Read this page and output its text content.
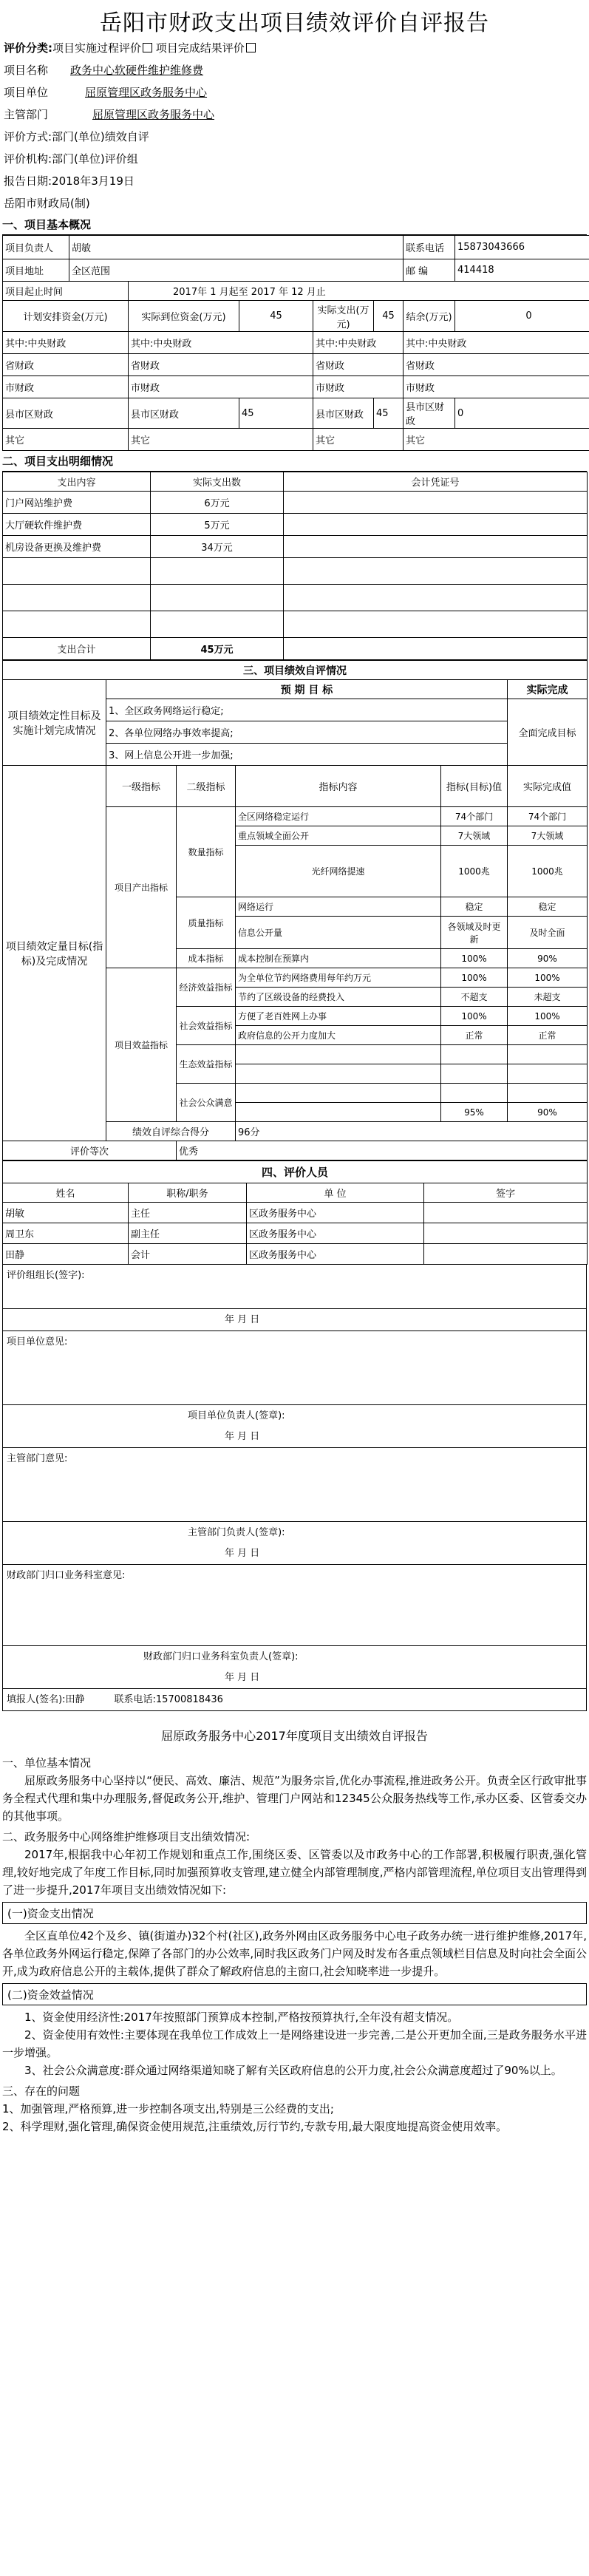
岳阳市财政支出项目绩效评价自评报告
评价分类:项目实施过程评价 项目完成结果评价
项目名称 政务中心软硬件维护维修费
项目单位	屈原管理区政务服务中心
主管部门	屈原管理区政务服务中心
评价方式:部门(单位)绩效自评
评价机构:部门(单位)评价组
报告日期:2018年3月19日
岳阳市财政局(制)
一、项目基本概况
项目负责人	胡敏					联系电话	15873043666
项目地址	全区范围					邮 编	414418
项目起止时间		2017年 1 月起至 2017 年 12 月止					
计划安排资金(万元)		实际到位资金(万元)	45	实际支出(万元)	45	结余(万元)	0
其中:中央财政		其中:中央财政		其中:中央财政		其中:中央财政	
省财政		省财政		省财政		省财政	
市财政		市财政		市财政		市财政	
县市区财政		县市区财政	45	县市区财政	45	县市区财政	0
其它		其它		其它		其它	
二、项目支出明细情况
支出内容	实际支出数	会计凭证号
门户网站维护费	6万元	
大厅硬软件维护费	5万元	
机房设备更换及维护费	34万元	

支出合计	45万元	
三、项目绩效自评情况					
项目绩效定性目标及实施计划完成情况	预 期 目 标				实际完成
	1、全区政务网络运行稳定;				全面完成目标
	2、各单位网络办事效率提高;				
	3、网上信息公开进一步加强;				
项目绩效定量目标(指标)及完成情况	一级指标	二级指标	指标内容	指标(目标)值	实际完成值
	项目产出指标	数量指标	全区网络稳定运行	74个部门	74个部门
			重点领域全面公开	7大领域	7大领域
			光纤网络提速	1000兆	1000兆
		质量指标	网络运行	稳定	稳定
			信息公开量	各领域及时更新	及时全面
		成本指标	成本控制在预算内	100%	90%
	项目效益指标	经济效益指标	为全单位节约网络费用每年约万元	100%	100%
			节约了区级设备的经费投入	不超支	未超支
		社会效益指标	方便了老百姓网上办事	100%	100%
			政府信息的公开力度加大	正常	正常
		生态效益指标			

		社会公众满意			
				95%	90%
	绩效自评综合得分		96分		
评价等次		优秀			
四、评价人员			
姓名	职称/职务	单 位	签字
胡敏	主任	区政务服务中心	
周卫东	副主任	区政务服务中心	
田静	会计	区政务服务中心	
评价组组长(签字):
年 月 日
项目单位意见:
项目单位负责人(签章):
年 月 日
主管部门意见:
主管部门负责人(签章):
年 月 日
财政部门归口业务科室意见:
财政部门归口业务科室负责人(签章):
年 月 日
填报人(签名):田静	联系电话:15700818436
屈原政务服务中心2017年度项目支出绩效自评报告

一、单位基本情况

屈原政务服务中心坚持以“便民、高效、廉洁、规范”为服务宗旨,优化办事流程,推进政务公开。负责全区行政审批事务全程式代理和集中办理服务,督促政务公开,维护、管理门户网站和12345公众服务热线等工作,承办区委、区管委交办的其他事项。

二、政务服务中心网络维护维修项目支出绩效情况:

2017年,根据我中心年初工作规划和重点工作,围绕区委、区管委以及市政务中心的工作部署,积极履行职责,强化管理,较好地完成了年度工作目标,同时加强预算收支管理,建立健全内部管理制度,严格内部管理流程,单位项目支出管理得到了进一步提升,2017年项目支出绩效情况如下:

(一)资金支出情况

全区直单位42个及乡、镇(街道办)32个村(社区),政务外网由区政务服务中心电子政务办统一进行维护维修,2017年,各单位政务外网运行稳定,保障了各部门的办公效率,同时我区政务门户网及时发布各重点领域栏目信息及时向社会全面公开,成为政府信息公开的主载体,提供了群众了解政府信息的主窗口,社会知晓率进一步提升。

(二)资金效益情况

1、资金使用经济性:2017年按照部门预算成本控制,严格按预算执行,全年没有超支情况。

2、资金使用有效性:主要体现在我单位工作成效上一是网络建设进一步完善,二是公开更加全面,三是政务服务水平进一步增强。

3、社会公众满意度:群众通过网络渠道知晓了解有关区政府信息的公开力度,社会公众满意度超过了90%以上。

三、存在的问题

1、加强管理,严格预算,进一步控制各项支出,特别是三公经费的支出;

2、科学理财,强化管理,确保资金使用规范,注重绩效,厉行节约,专款专用,最大限度地提高资金使用效率。
